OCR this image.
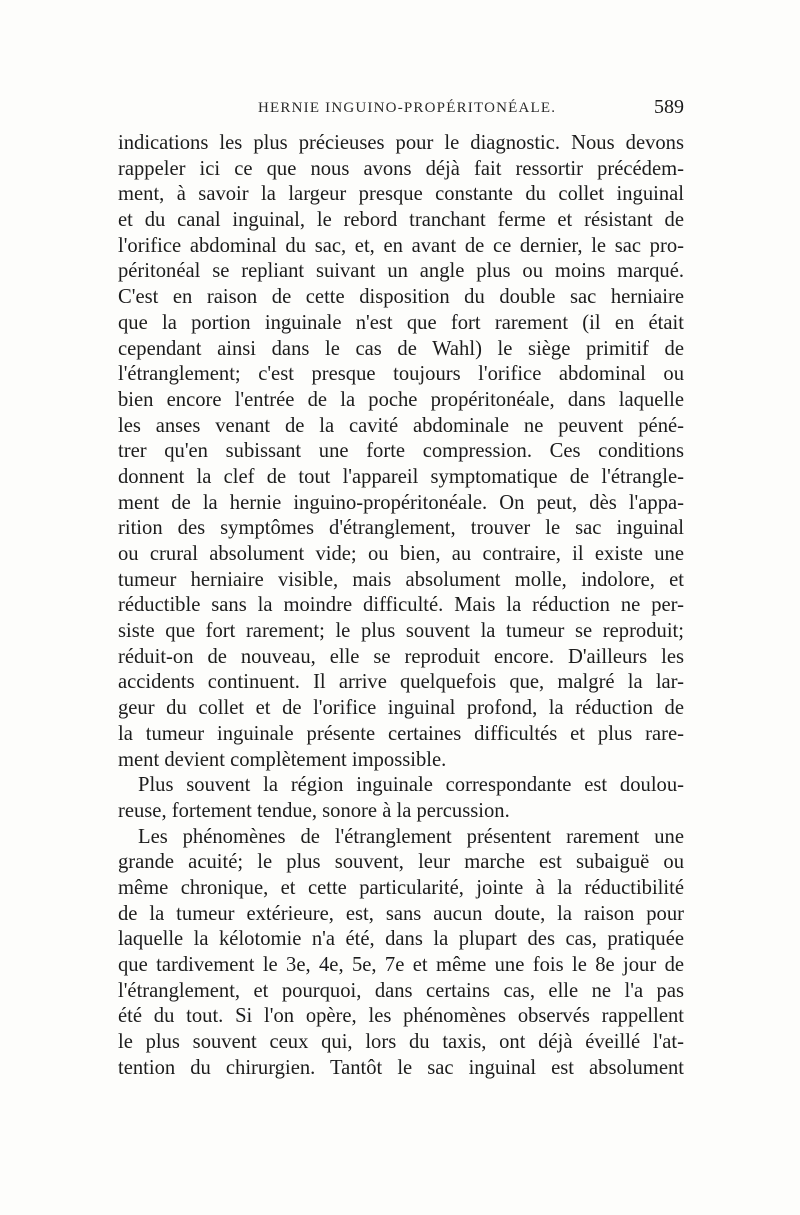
HERNIE INGUINO-PROPÉRITONÉALE.	589
indications les plus précieuses pour le diagnostic. Nous devons
rappeler ici ce que nous avons déjà fait ressortir précédem-
ment, à savoir la largeur presque constante du collet inguinal
et du canal inguinal, le rebord tranchant ferme et résistant de
l'orifice abdominal du sac, et, en avant de ce dernier, le sac pro-
péritonéal se repliant suivant un angle plus ou moins marqué.
C'est en raison de cette disposition du double sac herniaire
que la portion inguinale n'est que fort rarement (il en était
cependant ainsi dans le cas de Wahl) le siège primitif de
l'étranglement; c'est presque toujours l'orifice abdominal ou
bien encore l'entrée de la poche propéritonéale, dans laquelle
les anses venant de la cavité abdominale ne peuvent péné-
trer qu'en subissant une forte compression. Ces conditions
donnent la clef de tout l'appareil symptomatique de l'étrangle-
ment de la hernie inguino-propéritonéale. On peut, dès l'appa-
rition des symptômes d'étranglement, trouver le sac inguinal
ou crural absolument vide; ou bien, au contraire, il existe une
tumeur herniaire visible, mais absolument molle, indolore, et
réductible sans la moindre difficulté. Mais la réduction ne per-
siste que fort rarement; le plus souvent la tumeur se reproduit;
réduit-on de nouveau, elle se reproduit encore. D'ailleurs les
accidents continuent. Il arrive quelquefois que, malgré la lar-
geur du collet et de l'orifice inguinal profond, la réduction de
la tumeur inguinale présente certaines difficultés et plus rare-
ment devient complètement impossible.
Plus souvent la région inguinale correspondante est doulou-
reuse, fortement tendue, sonore à la percussion.
Les phénomènes de l'étranglement présentent rarement une
grande acuité; le plus souvent, leur marche est subaiguë ou
même chronique, et cette particularité, jointe à la réductibilité
de la tumeur extérieure, est, sans aucun doute, la raison pour
laquelle la kélotomie n'a été, dans la plupart des cas, pratiquée
que tardivement le 3e, 4e, 5e, 7e et même une fois le 8e jour de
l'étranglement, et pourquoi, dans certains cas, elle ne l'a pas
été du tout. Si l'on opère, les phénomènes observés rappellent
le plus souvent ceux qui, lors du taxis, ont déjà éveillé l'at-
tention du chirurgien. Tantôt le sac inguinal est absolument
